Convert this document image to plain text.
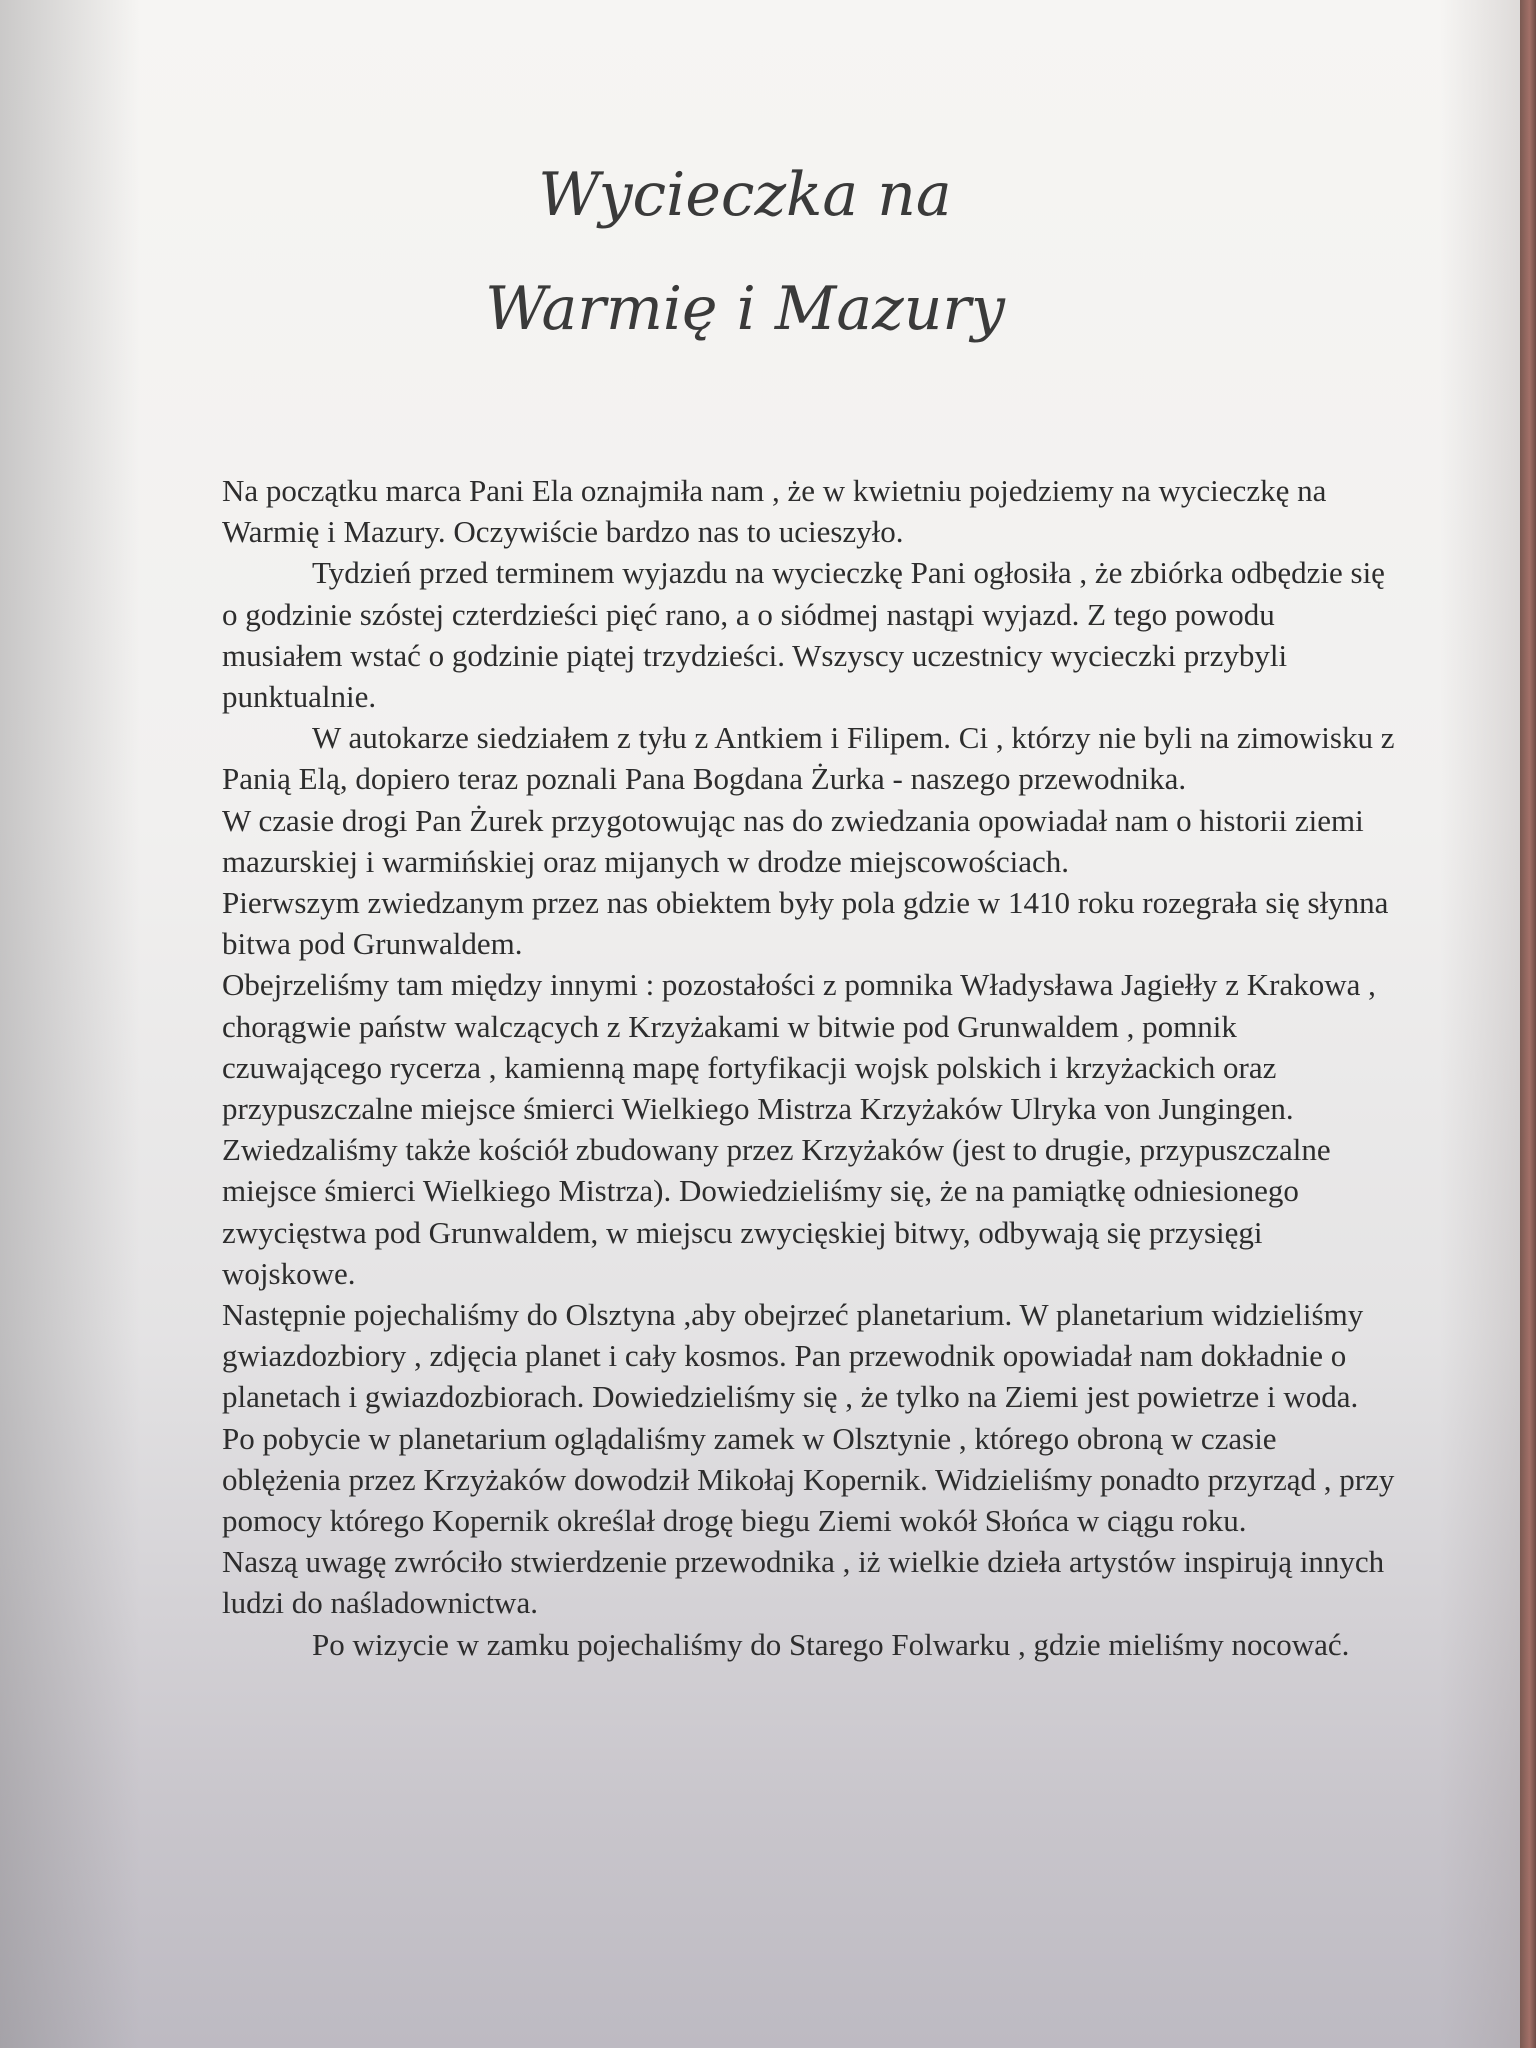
Wycieczka na
Warmię i Mazury

Na początku marca Pani Ela oznajmiła nam , że w kwietniu pojedziemy na wycieczkę na Warmię i Mazury. Oczywiście bardzo nas to ucieszyło.

Tydzień przed terminem wyjazdu na wycieczkę Pani ogłosiła , że zbiórka odbędzie się o godzinie szóstej czterdzieści pięć rano, a o siódmej nastąpi wyjazd. Z tego powodu musiałem wstać o godzinie piątej trzydzieści. Wszyscy uczestnicy wycieczki przybyli punktualnie.

W autokarze siedziałem z tyłu z Antkiem i Filipem. Ci , którzy nie byli na zimowisku z Panią Elą, dopiero teraz poznali Pana Bogdana Żurka - naszego przewodnika.

W czasie drogi Pan Żurek przygotowując nas do zwiedzania opowiadał nam o historii ziemi mazurskiej i warmińskiej oraz mijanych w drodze miejscowościach.

Pierwszym zwiedzanym przez nas obiektem były pola gdzie w 1410 roku rozegrała się słynna bitwa pod Grunwaldem.

Obejrzeliśmy tam między innymi : pozostałości z pomnika Władysława Jagiełły z Krakowa , chorągwie państw walczących z Krzyżakami w bitwie pod Grunwaldem , pomnik czuwającego rycerza , kamienną mapę fortyfikacji wojsk polskich i krzyżackich oraz przypuszczalne miejsce śmierci Wielkiego Mistrza Krzyżaków Ulryka von Jungingen. Zwiedzaliśmy także kościół zbudowany przez Krzyżaków (jest to drugie, przypuszczalne miejsce śmierci Wielkiego Mistrza). Dowiedzieliśmy się, że na pamiątkę odniesionego zwycięstwa pod Grunwaldem, w miejscu zwycięskiej bitwy, odbywają się przysięgi wojskowe.

Następnie pojechaliśmy do Olsztyna ,aby obejrzeć planetarium. W planetarium widzieliśmy gwiazdozbiory , zdjęcia planet i cały kosmos. Pan przewodnik opowiadał nam dokładnie o planetach i gwiazdozbiorach. Dowiedzieliśmy się , że tylko na Ziemi jest powietrze i woda.

Po pobycie w planetarium oglądaliśmy zamek w Olsztynie , którego obroną w czasie oblężenia przez Krzyżaków dowodził Mikołaj Kopernik. Widzieliśmy ponadto przyrząd , przy pomocy którego Kopernik określał drogę biegu Ziemi wokół Słońca w ciągu roku.

Naszą uwagę zwróciło stwierdzenie przewodnika , iż wielkie dzieła artystów inspirują innych ludzi do naśladownictwa.

Po wizycie w zamku pojechaliśmy do Starego Folwarku , gdzie mieliśmy nocować.
